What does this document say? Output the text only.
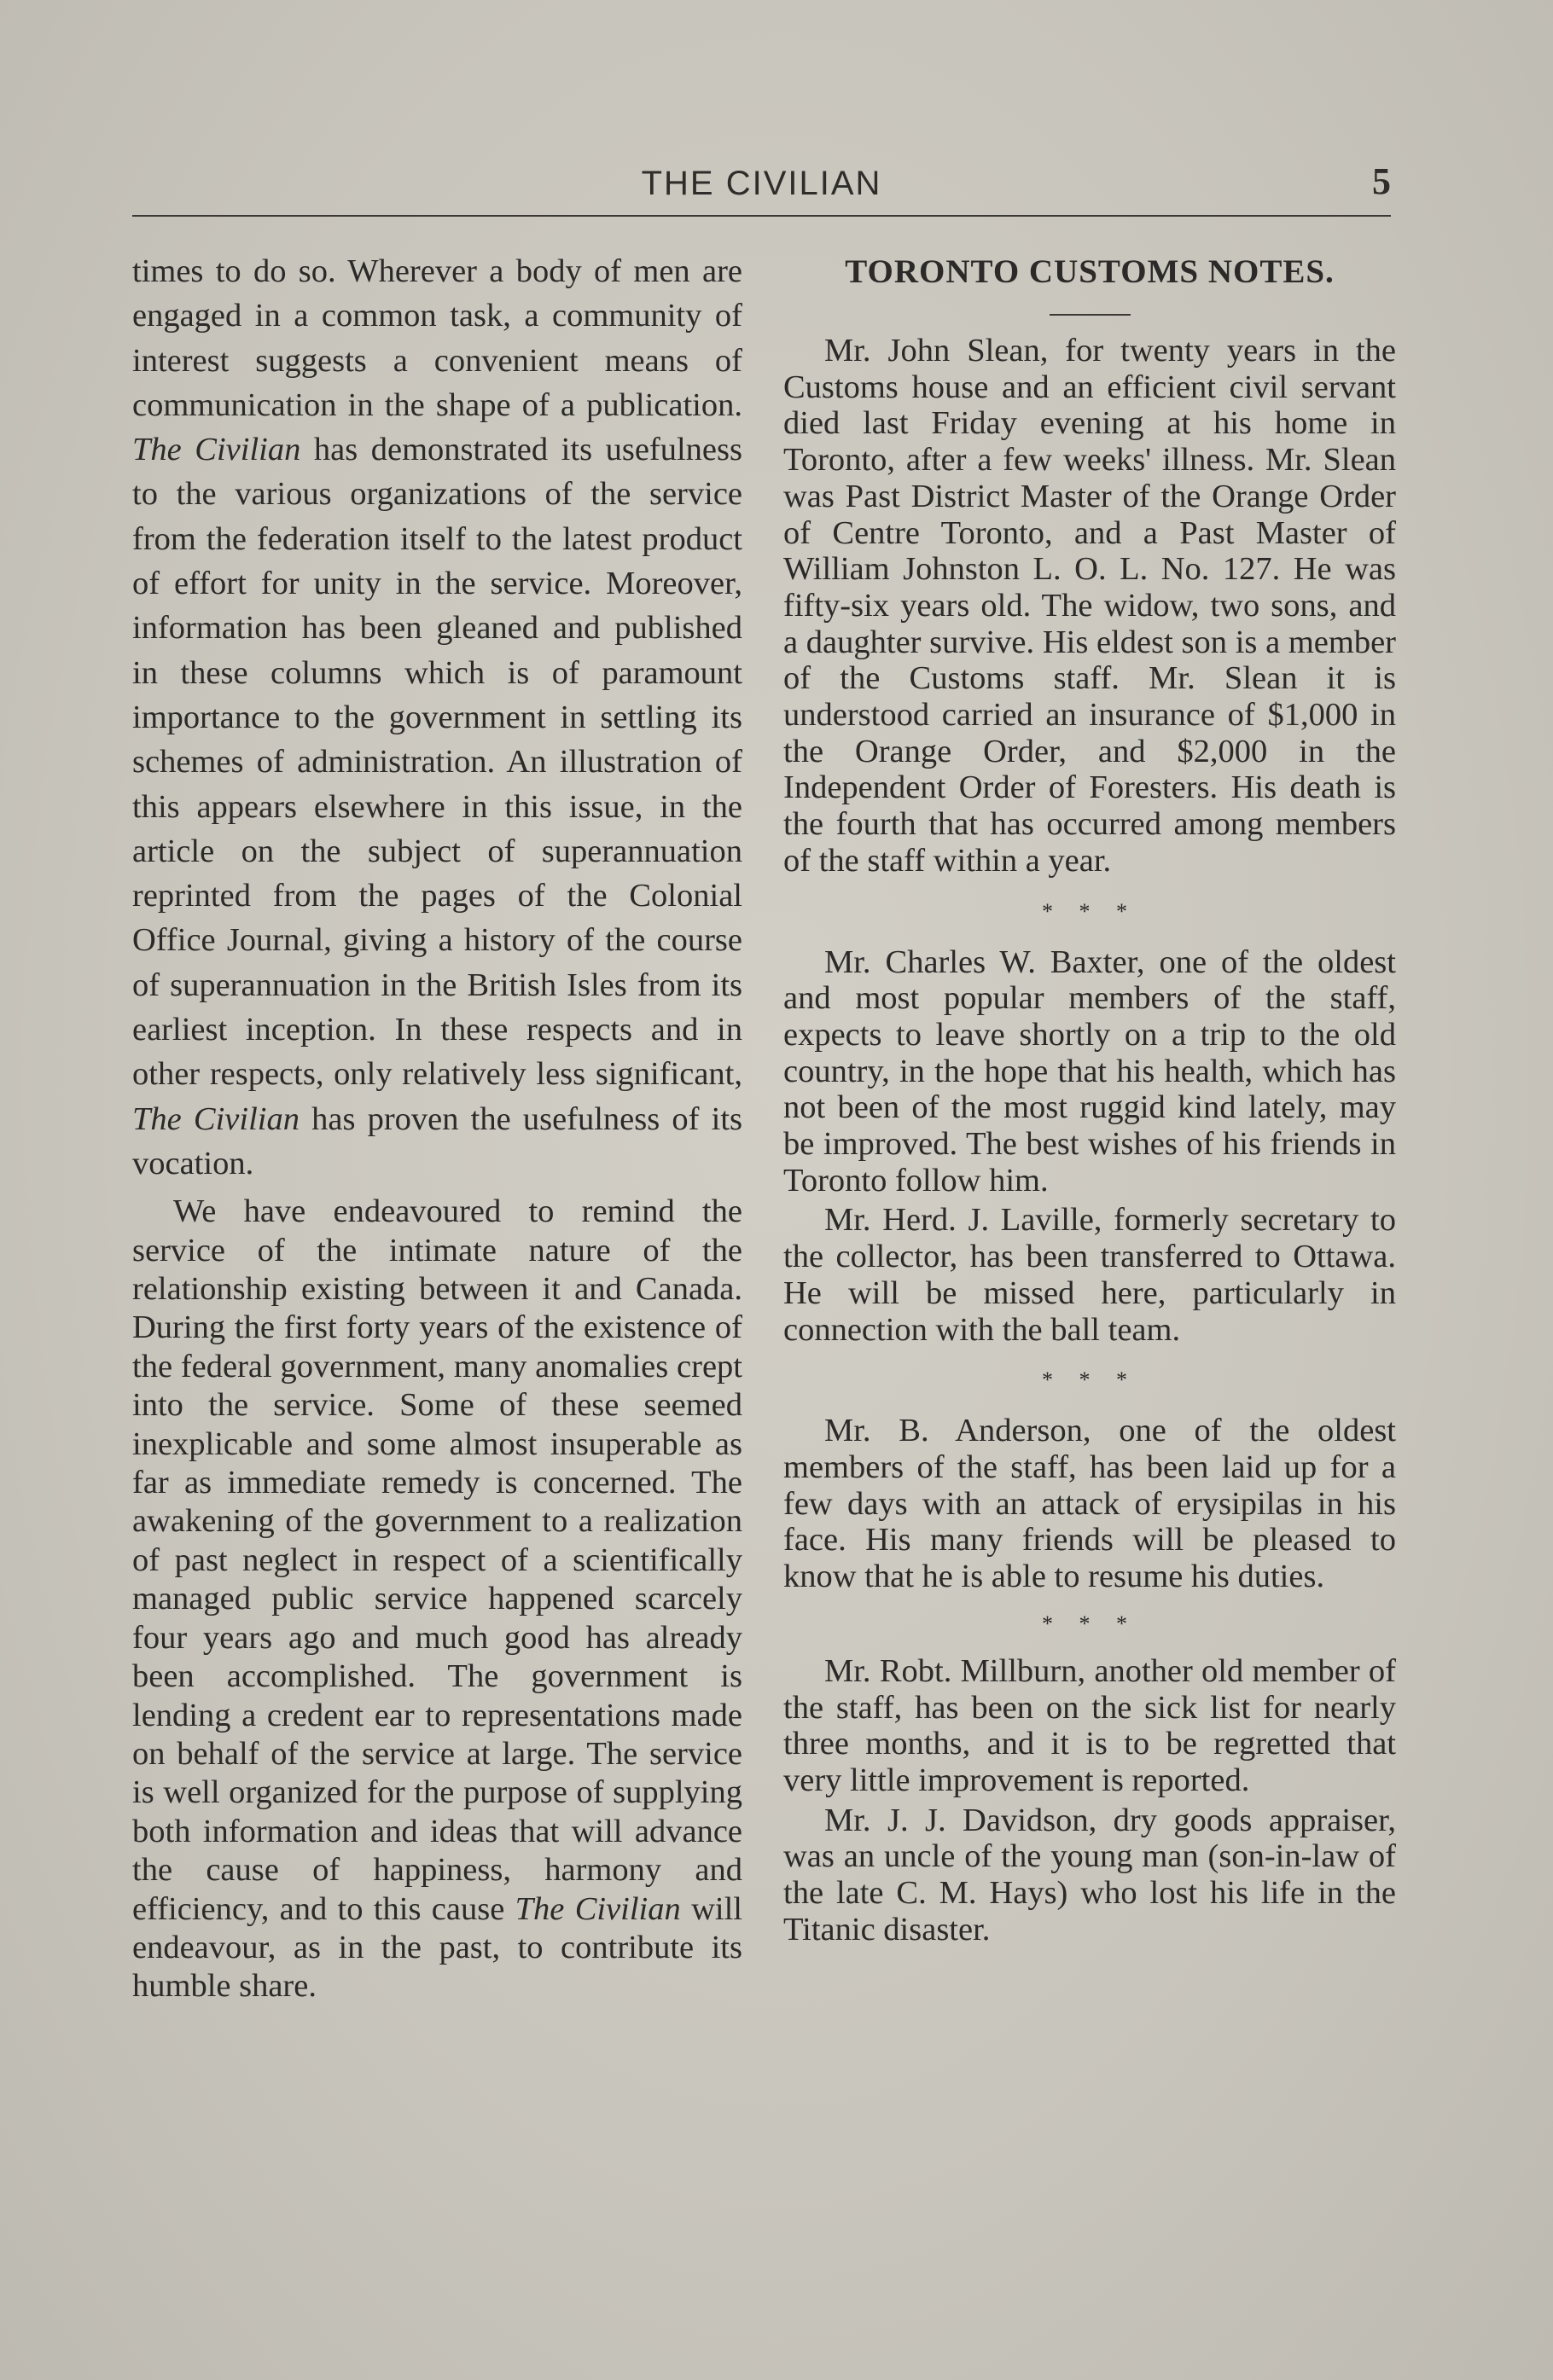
THE CIVILIAN	5

times to do so. Wherever a body of men are engaged in a common task, a community of interest suggests a convenient means of communication in the shape of a publication. The Civilian has demonstrated its usefulness to the various organizations of the service from the federation itself to the latest product of effort for unity in the service. Moreover, information has been gleaned and published in these columns which is of paramount importance to the government in settling its schemes of administration. An illustration of this appears elsewhere in this issue, in the article on the subject of superannuation reprinted from the pages of the Colonial Office Journal, giving a history of the course of superannuation in the British Isles from its earliest inception. In these respects and in other respects, only relatively less significant, The Civilian has proven the usefulness of its vocation.

We have endeavoured to remind the service of the intimate nature of the relationship existing between it and Canada. During the first forty years of the existence of the federal government, many anomalies crept into the service. Some of these seemed inexplicable and some almost insuperable as far as immediate remedy is concerned. The awakening of the government to a realization of past neglect in respect of a scientifically managed public service happened scarcely four years ago and much good has already been accomplished. The government is lending a credent ear to representations made on behalf of the service at large. The service is well organized for the purpose of supplying both information and ideas that will advance the cause of happiness, harmony and efficiency, and to this cause The Civilian will endeavour, as in the past, to contribute its humble share.

TORONTO CUSTOMS NOTES.

Mr. John Slean, for twenty years in the Customs house and an efficient civil servant died last Friday evening at his home in Toronto, after a few weeks' illness. Mr. Slean was Past District Master of the Orange Order of Centre Toronto, and a Past Master of William Johnston L. O. L. No. 127. He was fifty-six years old. The widow, two sons, and a daughter survive. His eldest son is a member of the Customs staff. Mr. Slean it is understood carried an insurance of $1,000 in the Orange Order, and $2,000 in the Independent Order of Foresters. His death is the fourth that has occurred among members of the staff within a year.

* * *

Mr. Charles W. Baxter, one of the oldest and most popular members of the staff, expects to leave shortly on a trip to the old country, in the hope that his health, which has not been of the most ruggid kind lately, may be improved. The best wishes of his friends in Toronto follow him.

Mr. Herd. J. Laville, formerly secretary to the collector, has been transferred to Ottawa. He will be missed here, particularly in connection with the ball team.

* * *

Mr. B. Anderson, one of the oldest members of the staff, has been laid up for a few days with an attack of erysipilas in his face. His many friends will be pleased to know that he is able to resume his duties.

* * *

Mr. Robt. Millburn, another old member of the staff, has been on the sick list for nearly three months, and it is to be regretted that very little improvement is reported.

Mr. J. J. Davidson, dry goods appraiser, was an uncle of the young man (son-in-law of the late C. M. Hays) who lost his life in the Titanic disaster.
